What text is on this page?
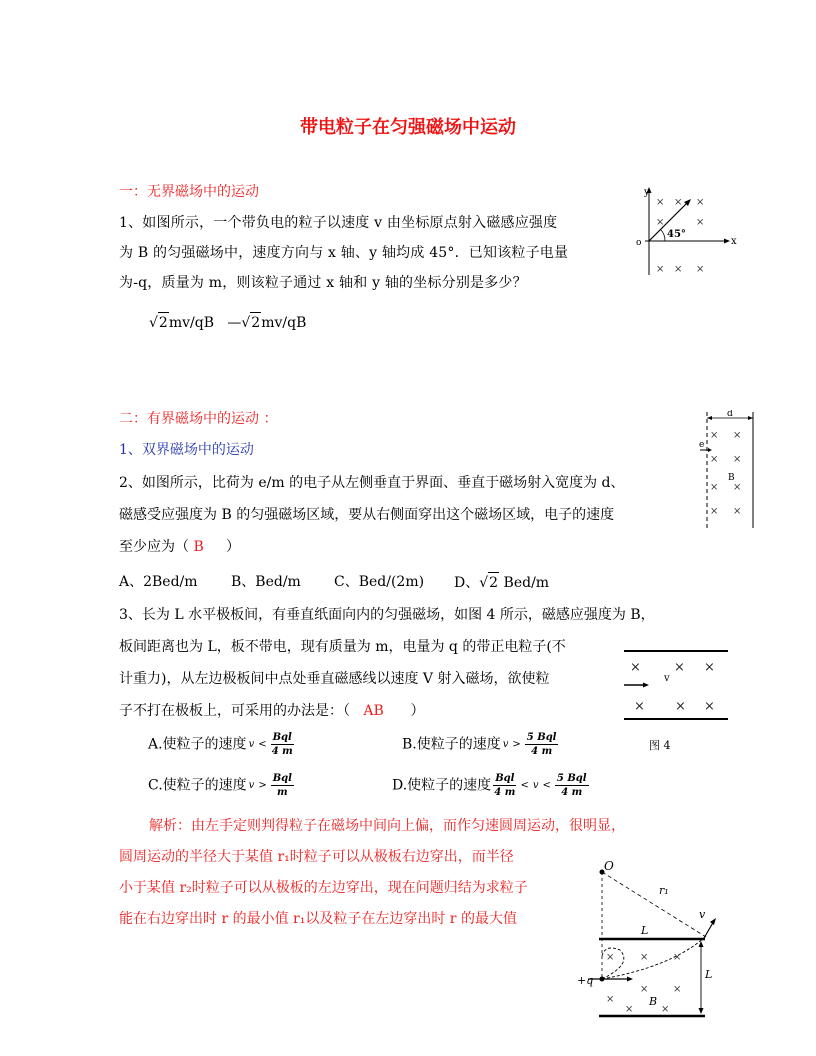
带电粒子在匀强磁场中运动
一：无界磁场中的运动
1、如图所示，一个带负电的粒子以速度 v 由坐标原点射入磁感应强度
为 B 的匀强磁场中，速度方向与 x 轴、y 轴均成 45°．已知该粒子电量
为-q，质量为 m，则该粒子通过 x 轴和 y 轴的坐标分别是多少？
√2mv/qB —√2mv/qB
× × ×
×	×
× × ×
y
o	x
45°
二：有界磁场中的运动 ：
1、双界磁场中的运动
2、如图所示，比荷为 e/m 的电子从左侧垂直于界面、垂直于磁场射入宽度为 d、
磁感受应强度为 B 的匀强磁场区域，要从右侧面穿出这个磁场区域，电子的速度
至少应为（ B ）
A、2Bed/m B、Bed/m C、Bed/(2m) D、√2 Bed/m
× ×
× ×
× ×
× ×
d
e
B
3、长为 L 水平极板间，有垂直纸面向内的匀强磁场，如图 4 所示，磁感应强度为 B，
板间距离也为 L，板不带电，现有质量为 m，电量为 q 的带正电粒子(不
计重力)，从左边极板间中点处垂直磁感线以速度 V 射入磁场，欲使粒
子不打在极板上，可采用的办法是：（ AB ）
×	× ×
× × ×
v
图 4
A.使粒子的速度 $v < \frac{\text{Bql}}{4 m}$	B.使粒子的速度 $v > \frac{\text{5 Bql}}{4 m}$
C.使粒子的速度 $v > \frac{\text{Bql}}{m}$	D.使粒子的速度 $\frac{\text{Bql}}{4 m} < v < \frac{\text{5 Bql}}{4 m}$
解析：由左手定则判得粒子在磁场中间向上偏，而作匀速圆周运动，很明显，
圆周运动的半径大于某值 r₁时粒子可以从极板右边穿出，而半径
小于某值 r₂时粒子可以从极板的左边穿出，现在问题归结为求粒子
能在右边穿出时 r 的最小值 r₁以及粒子在左边穿出时 r 的最大值
×	× ×
×
× ×
×	×
O
r₁
v
L
L
+q
B
